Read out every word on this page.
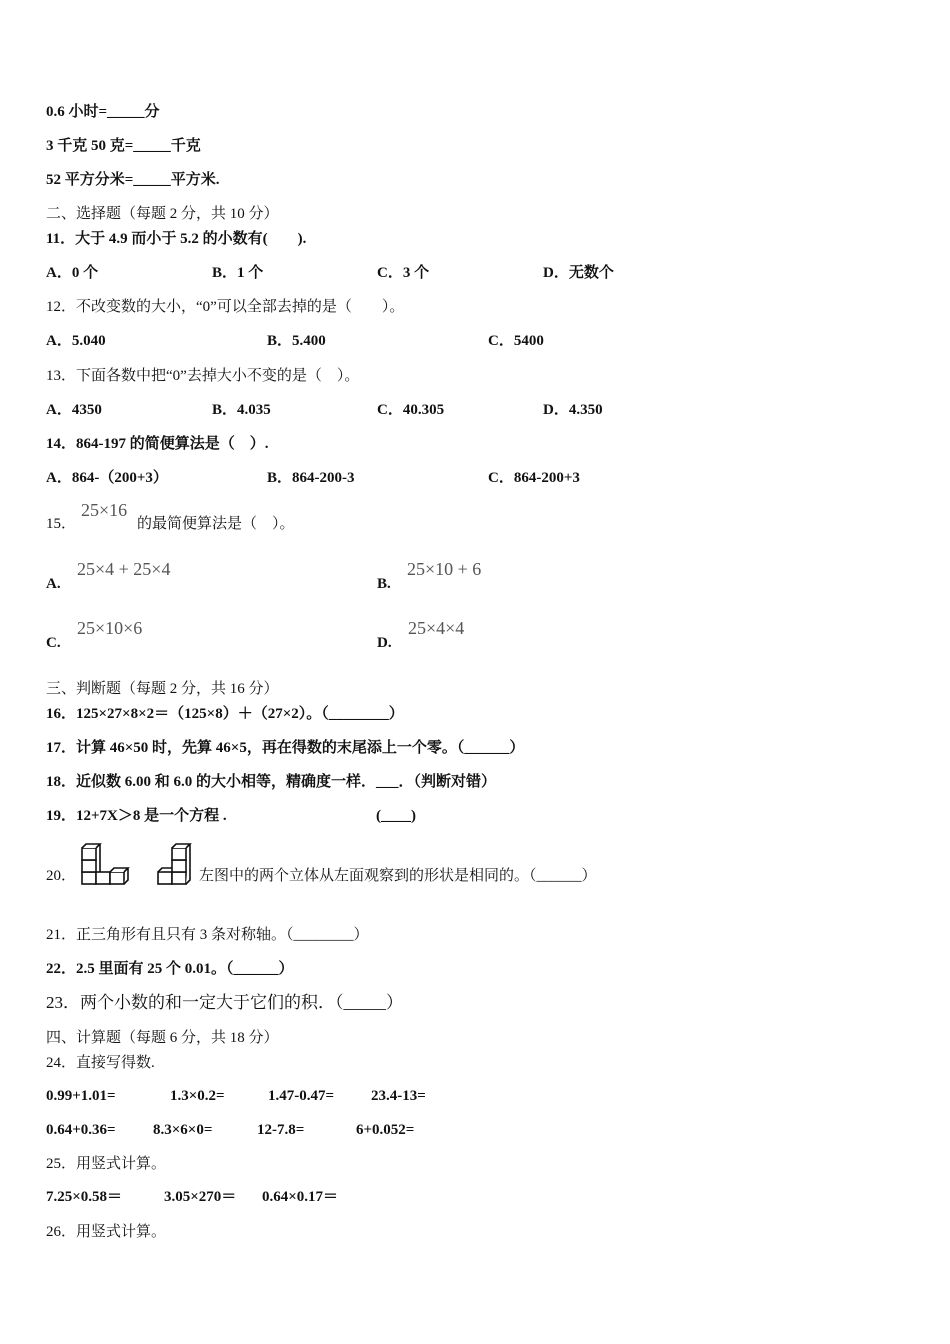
0.6 小时=_____分
3 千克 50 克=_____千克
52 平方分米=_____平方米.
二、选择题（每题 2 分，共 10 分）
11．大于 4.9 而小于 5.2 的小数有(　　).
A．0 个	B．1 个	C．3 个	D．无数个
12．不改变数的大小，“0”可以全部去掉的是（　　）。
A．5.040	B．5.400	C．5400
13．下面各数中把“0”去掉大小不变的是（　）。
A．4350	B．4.035	C．40.305	D．4.350
14．864-197 的简便算法是（　）.
A．864-（200+3）	B．864-200-3	C．864-200+3
15．
25×16
的最简便算法是（　）。
A.
25×4 + 25×4
B.
25×10 + 6
C.
25×10×6
D.
25×4×4
三、判断题（每题 2 分，共 16 分）
16．125×27×8×2＝（125×8）＋（27×2）。（________）
17．计算 46×50 时，先算 46×5，再在得数的末尾添上一个零。（______）
18．近似数 6.00 和 6.0 的大小相等，精确度一样．___．（判断对错）
19．12+7X＞8 是一个方程 .	(____)
20．	左图中的两个立体从左面观察到的形状是相同的。（______）
21．正三角形有且只有 3 条对称轴。（________）
22．2.5 里面有 25 个 0.01。（______）
23．两个小数的和一定大于它们的积．（_____）
四、计算题（每题 6 分，共 18 分）
24．直接写得数.
0.99+1.01=	1.3×0.2=	1.47-0.47= 23.4-13=
0.64+0.36= 8.3×6×0=	12-7.8=	6+0.052=
25．用竖式计算。
7.25×0.58＝	3.05×270＝ 0.64×0.17＝
26．用竖式计算。
